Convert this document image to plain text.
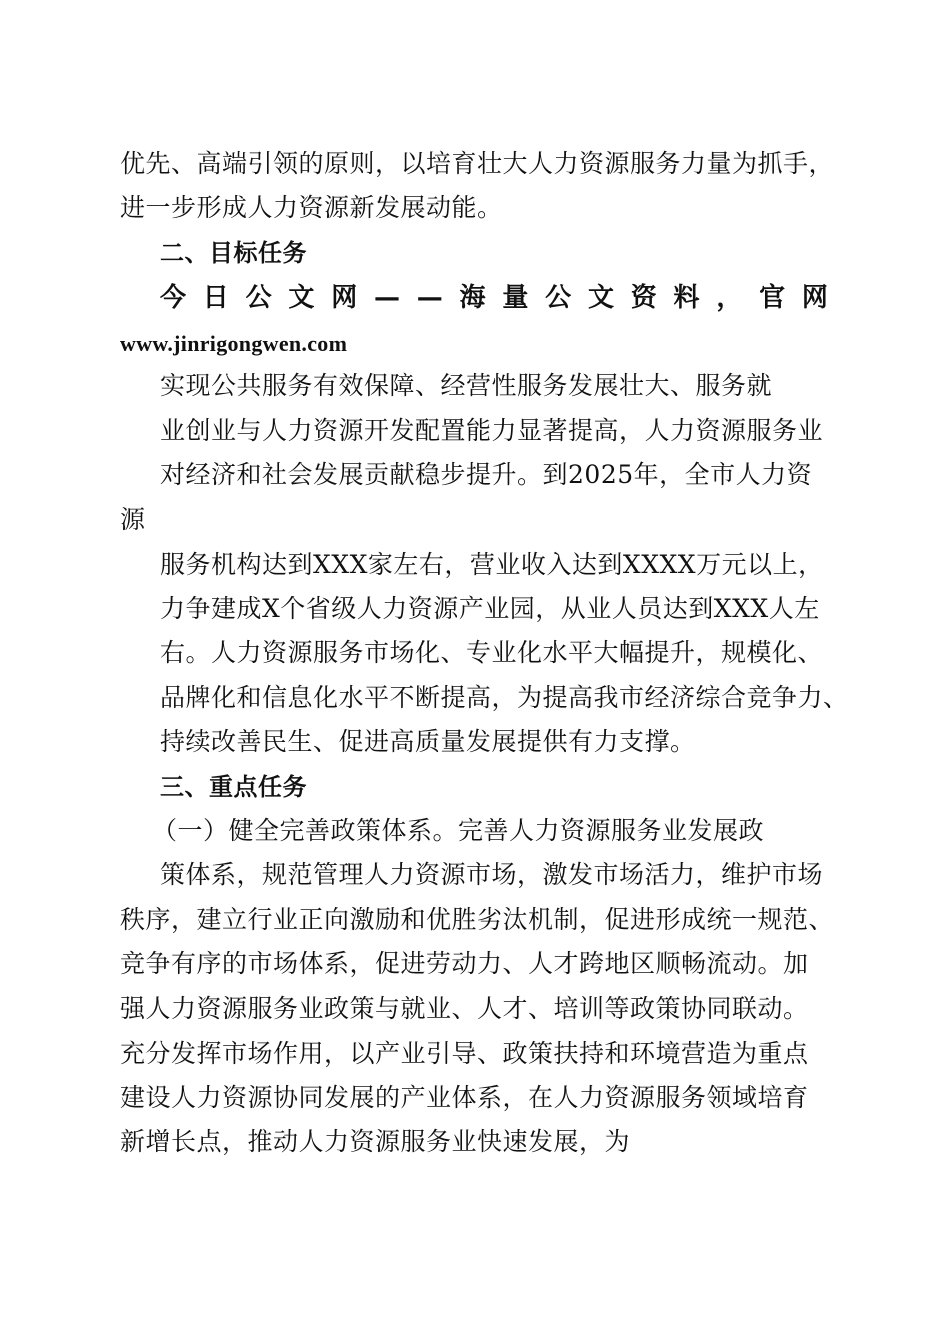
优先、高端引领的原则，以培育壮大人力资源服务力量为抓手，
进一步形成人力资源新发展动能。
二、目标任务
今 日 公 文 网 — — 海 量 公 文 资 料 ， 官 网
www.jinrigongwen.com
实现公共服务有效保障、经营性服务发展壮大、服务就
业创业与人力资源开发配置能力显著提高，人力资源服务业
对经济和社会发展贡献稳步提升。到2025年，全市人力资
源
服务机构达到XXX家左右，营业收入达到XXXX万元以上，
力争建成X个省级人力资源产业园，从业人员达到XXX人左
右。人力资源服务市场化、专业化水平大幅提升，规模化、
品牌化和信息化水平不断提高，为提高我市经济综合竞争力、
持续改善民生、促进高质量发展提供有力支撑。
三、重点任务
（一）健全完善政策体系。完善人力资源服务业发展政
策体系，规范管理人力资源市场，激发市场活力，维护市场
秩序，建立行业正向激励和优胜劣汰机制，促进形成统一规范、
竞争有序的市场体系，促进劳动力、人才跨地区顺畅流动。加
强人力资源服务业政策与就业、人才、培训等政策协同联动。
充分发挥市场作用，以产业引导、政策扶持和环境营造为重点
建设人力资源协同发展的产业体系，在人力资源服务领域培育
新增长点，推动人力资源服务业快速发展，为
